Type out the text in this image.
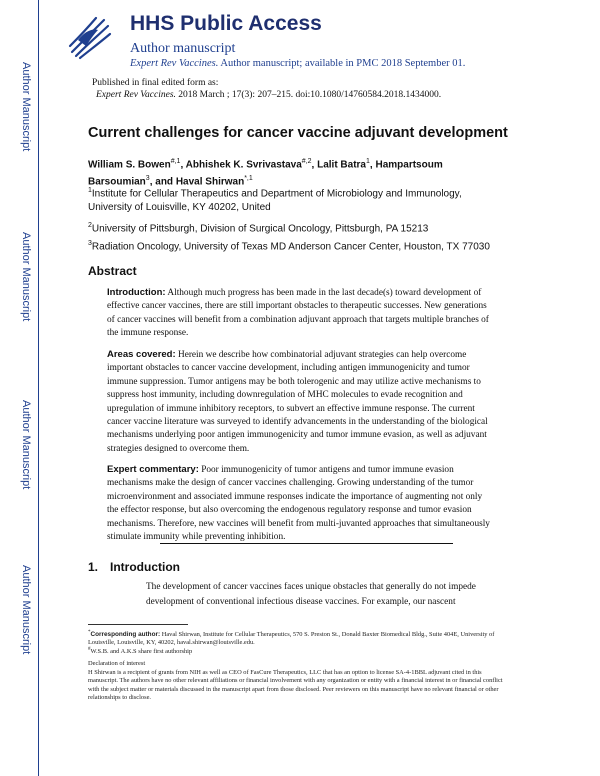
Author Manuscript
Author Manuscript
Author Manuscript
Author Manuscript
HHS Public Access
Author manuscript
Expert Rev Vaccines. Author manuscript; available in PMC 2018 September 01.
Published in final edited form as:
Expert Rev Vaccines. 2018 March ; 17(3): 207–215. doi:10.1080/14760584.2018.1434000.
Current challenges for cancer vaccine adjuvant development
William S. Bowen$^{\#,1}$, Abhishek K. Svrivastava$^{\#,2}$, Lalit Batra$^1$, Hampartsoum Barsoumian$^3$, and Haval Shirwan$^{*,1}$
$^1$Institute for Cellular Therapeutics and Department of Microbiology and Immunology, University of Louisville, KY 40202, United
$^2$University of Pittsburgh, Division of Surgical Oncology, Pittsburgh, PA 15213
$^3$Radiation Oncology, University of Texas MD Anderson Cancer Center, Houston, TX 77030
Abstract
Introduction: Although much progress has been made in the last decade(s) toward development of effective cancer vaccines, there are still important obstacles to therapeutic successes. New generations of cancer vaccines will benefit from a combination adjuvant approach that targets multiple branches of the immune response.
Areas covered: Herein we describe how combinatorial adjuvant strategies can help overcome important obstacles to cancer vaccine development, including antigen immunogenicity and tumor immune suppression. Tumor antigens may be both tolerogenic and may utilize active mechanisms to suppress host immunity, including downregulation of MHC molecules to evade recognition and upregulation of immune inhibitory receptors, to subvert an effective immune response. The current cancer vaccine literature was surveyed to identify advancements in the understanding of the biological mechanisms underlying poor antigen immunogenicity and tumor immune evasion, as well as adjuvant strategies designed to overcome them.
Expert commentary: Poor immunogenicity of tumor antigens and tumor immune evasion mechanisms make the design of cancer vaccines challenging. Growing understanding of the tumor microenvironment and associated immune responses indicate the importance of augmenting not only the effector response, but also overcoming the endogenous regulatory response and tumor evasion mechanisms. Therefore, new vaccines will benefit from multi-juvanted approaches that simultaneously stimulate immunity while preventing inhibition.
1. Introduction
The development of cancer vaccines faces unique obstacles that generally do not impede development of conventional infectious disease vaccines. For example, our nascent
*Corresponding author: Haval Shirwan, Institute for Cellular Therapeutics, 570 S. Preston St., Donald Baxter Biomedical Bldg., Suite 404E, University of Louisville, Louisville, KY, 40202, haval.shirwan@louisville.edu.
#W.S.B. and A.K.S share first authorship
Declaration of interest
H Shirwan is a recipient of grants from NIH as well as CEO of FasCure Therapeutics, LLC that has an option to license SA-4-1BBL adjuvant cited in this manuscript. The authors have no other relevant affiliations or financial involvement with any organization or entity with a financial interest in or financial conflict with the subject matter or materials discussed in the manuscript apart from those disclosed. Peer reviewers on this manuscript have no relevant financial or other relationships to disclose.
